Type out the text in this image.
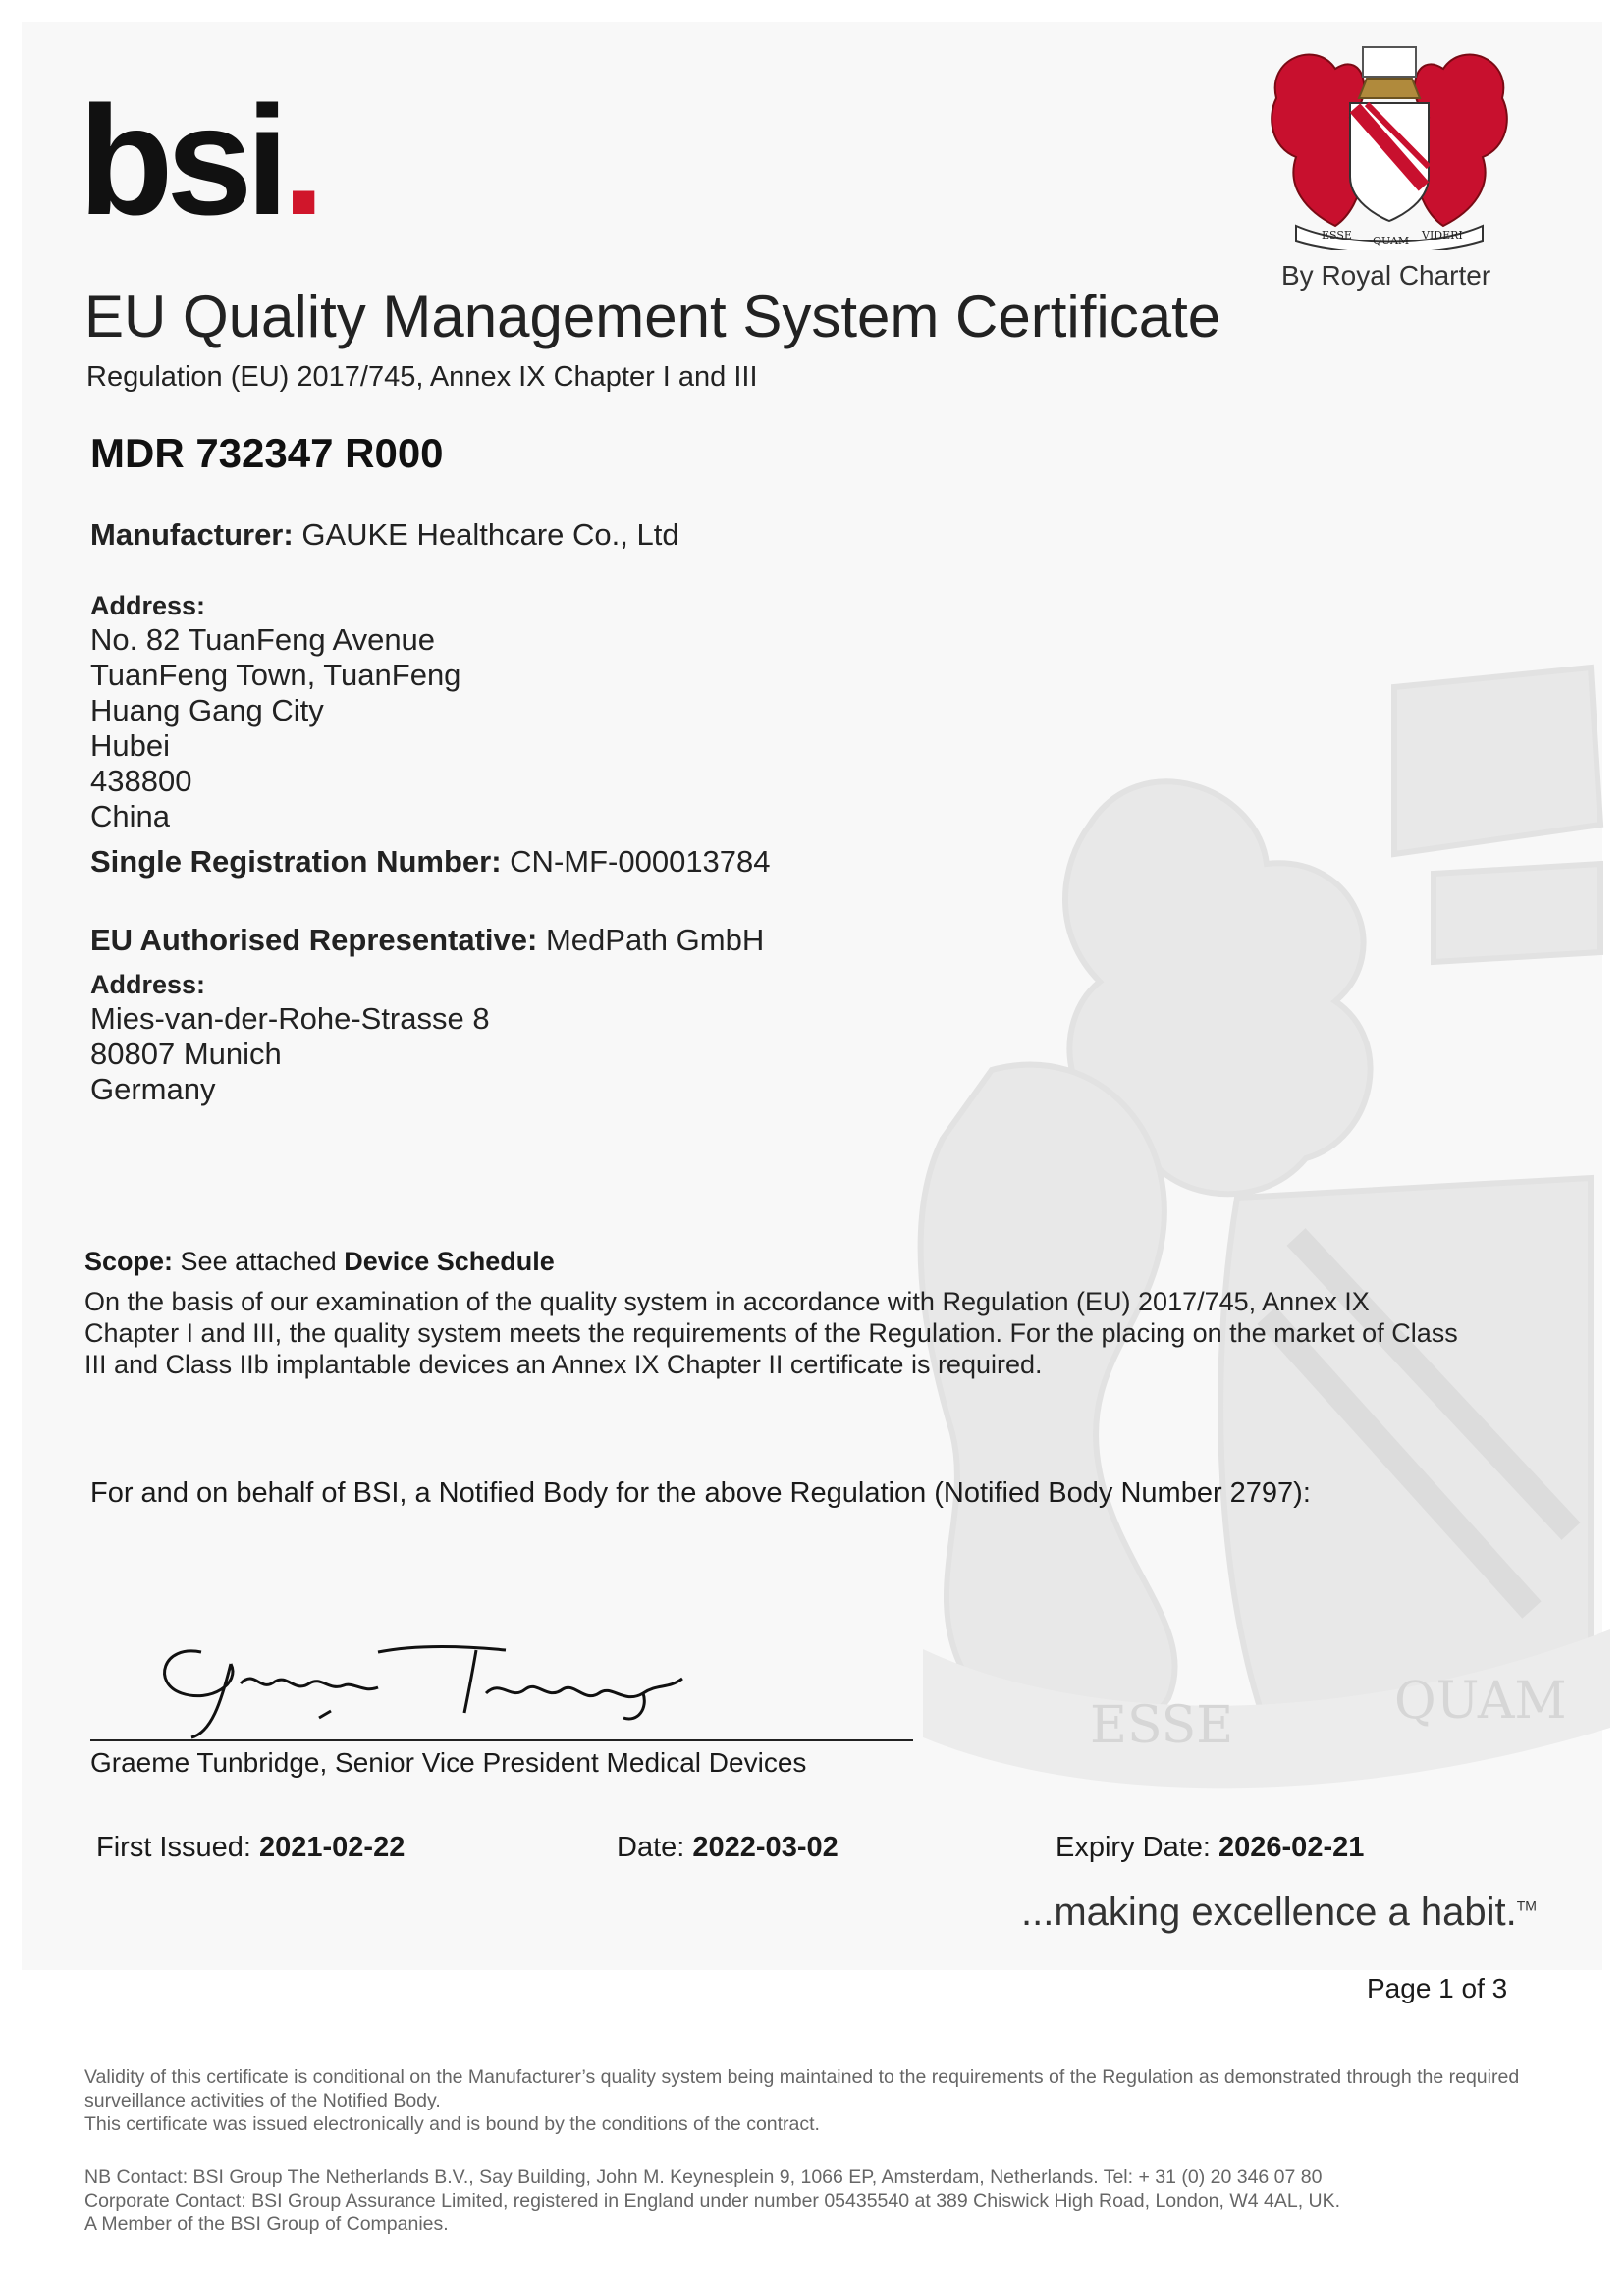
ESSE	QUAM
bsi.	ESSE QUAM VIDERI
By Royal Charter
EU Quality Management System Certificate
Regulation (EU) 2017/745, Annex IX Chapter I and III
MDR 732347 R000
Manufacturer: GAUKE Healthcare Co., Ltd
Address:
No. 82 TuanFeng Avenue
TuanFeng Town, TuanFeng
Huang Gang City
Hubei
438800
China
Single Registration Number: CN-MF-000013784
EU Authorised Representative: MedPath GmbH
Address:
Mies-van-der-Rohe-Strasse 8
80807 Munich
Germany
Scope: See attached Device Schedule
On the basis of our examination of the quality system in accordance with Regulation (EU) 2017/745, Annex IX Chapter I and III, the quality system meets the requirements of the Regulation. For the placing on the market of Class III and Class IIb implantable devices an Annex IX Chapter II certificate is required.
For and on behalf of BSI, a Notified Body for the above Regulation (Notified Body Number 2797):
Graeme Tunbridge, Senior Vice President Medical Devices
First Issued: 2021-02-22	Date: 2022-03-02	Expiry Date: 2026-02-21
...making excellence a habit.™
Page 1 of 3
Validity of this certificate is conditional on the Manufacturer’s quality system being maintained to the requirements of the Regulation as demonstrated through the required surveillance activities of the Notified Body.
This certificate was issued electronically and is bound by the conditions of the contract.
NB Contact: BSI Group The Netherlands B.V., Say Building, John M. Keynesplein 9, 1066 EP, Amsterdam, Netherlands. Tel: + 31 (0) 20 346 07 80
Corporate Contact: BSI Group Assurance Limited, registered in England under number 05435540 at 389 Chiswick High Road, London, W4 4AL, UK.
A Member of the BSI Group of Companies.
